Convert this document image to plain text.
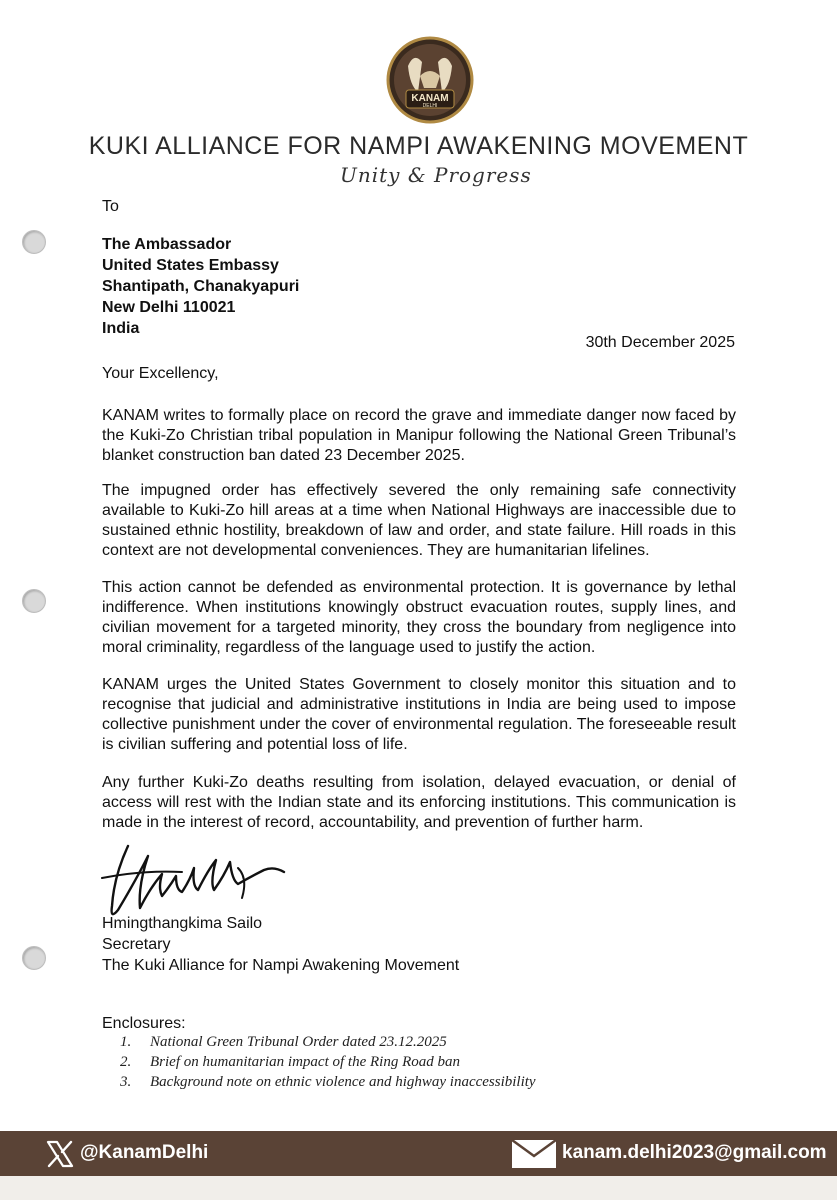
KANAM
DELHI
KUKI ALLIANCE FOR NAMPI AWAKENING MOVEMENT
Unity & Progress
To
The Ambassador
United States Embassy
Shantipath, Chanakyapuri
New Delhi 110021
India
30th December 2025
Your Excellency,
KANAM writes to formally place on record the grave and immediate danger now faced by the Kuki-Zo Christian tribal population in Manipur following the National Green Tribunal’s blanket construction ban dated 23 December 2025.
The impugned order has effectively severed the only remaining safe connectivity available to Kuki-Zo hill areas at a time when National Highways are inaccessible due to sustained ethnic hostility, breakdown of law and order, and state failure. Hill roads in this context are not developmental conveniences. They are humanitarian lifelines.
This action cannot be defended as environmental protection. It is governance by lethal indifference. When institutions knowingly obstruct evacuation routes, supply lines, and civilian movement for a targeted minority, they cross the boundary from negligence into moral criminality, regardless of the language used to justify the action.
KANAM urges the United States Government to closely monitor this situation and to recognise that judicial and administrative institutions in India are being used to impose collective punishment under the cover of environmental regulation. The foreseeable result is civilian suffering and potential loss of life.
Any further Kuki-Zo deaths resulting from isolation, delayed evacuation, or denial of access will rest with the Indian state and its enforcing institutions. This communication is made in the interest of record, accountability, and prevention of further harm.
Hmingthangkima Sailo
Secretary
The Kuki Alliance for Nampi Awakening Movement
Enclosures:
1. National Green Tribunal Order dated 23.12.2025
2. Brief on humanitarian impact of the Ring Road ban
3. Background note on ethnic violence and highway inaccessibility
@KanamDelhi	kanam.delhi2023@gmail.com
